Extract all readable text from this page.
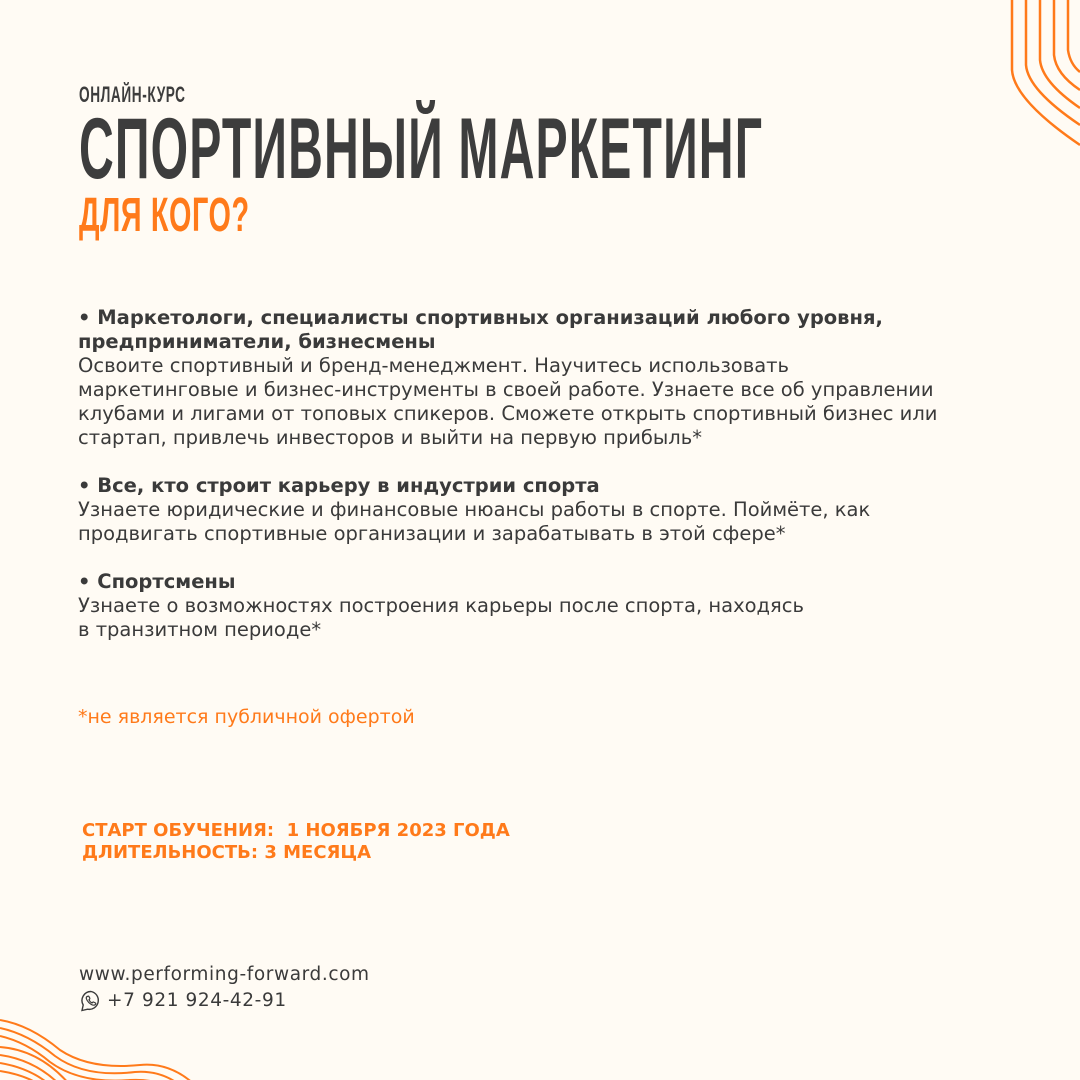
ОНЛАЙН-КУРС
СПОРТИВНЫЙ МАРКЕТИНГ
ДЛЯ КОГО?
• Маркетологи, специалисты спортивных организаций любого уровня,
предприниматели, бизнесмены
Освоите спортивный и бренд-менеджмент. Научитесь использовать
маркетинговые и бизнес-инструменты в своей работе. Узнаете все об управлении
клубами и лигами от топовых спикеров. Сможете открыть спортивный бизнес или
стартап, привлечь инвесторов и выйти на первую прибыль*
• Все, кто строит карьеру в индустрии спорта
Узнаете юридические и финансовые нюансы работы в спорте. Поймёте, как
продвигать спортивные организации и зарабатывать в этой сфере*
• Спортсмены
Узнаете о возможностях построения карьеры после спорта, находясь
в транзитном периоде*
*не является публичной офертой
СТАРТ ОБУЧЕНИЯ:  1 НОЯБРЯ 2023 ГОДА
ДЛИТЕЛЬНОСТЬ: 3 МЕСЯЦА
www.performing-forward.com
+7 921 924-42-91
